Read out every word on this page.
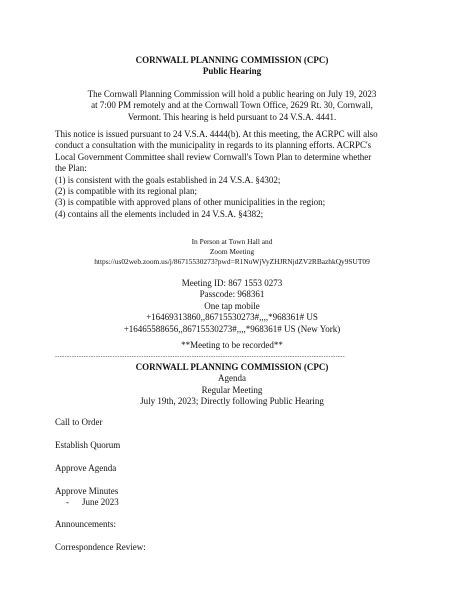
CORNWALL PLANNING COMMISSION (CPC)
Public Hearing
The Cornwall Planning Commission will hold a public hearing on July 19, 2023
at 7:00 PM remotely and at the Cornwall Town Office, 2629 Rt. 30, Cornwall,
Vermont. This hearing is held pursuant to 24 V.S.A. 4441.
This notice is issued pursuant to 24 V.S.A. 4444(b). At this meeting, the ACRPC will also
conduct a consultation with the municipality in regards to its planning efforts. ACRPC's
Local Government Committee shall review Cornwall's Town Plan to determine whether
the Plan:
(1) is consistent with the goals established in 24 V.S.A. §4302;
(2) is compatible with its regional plan;
(3) is compatible with approved plans of other municipalities in the region;
(4) contains all the elements included in 24 V.S.A. §4382;
In Person at Town Hall and
Zoom Meeting
https://us02web.zoom.us/j/86715530273?pwd=R1NuWjVyZHJRNjdZV2RBazhkQy9SUT09
Meeting ID: 867 1553 0273
Passcode: 968361
One tap mobile
+16469313860,,86715530273#,,,,*968361# US
+16465588656,,86715530273#,,,,*968361# US (New York)
**Meeting to be recorded**
-------------------------------------------------------------------------------------------------------------------------
CORNWALL PLANNING COMMISSION (CPC)
Agenda
Regular Meeting
July 19th, 2023; Directly following Public Hearing
Call to Order
Establish Quorum
Approve Agenda
Approve Minutes
- June 2023
Announcements:
Correspondence Review:
